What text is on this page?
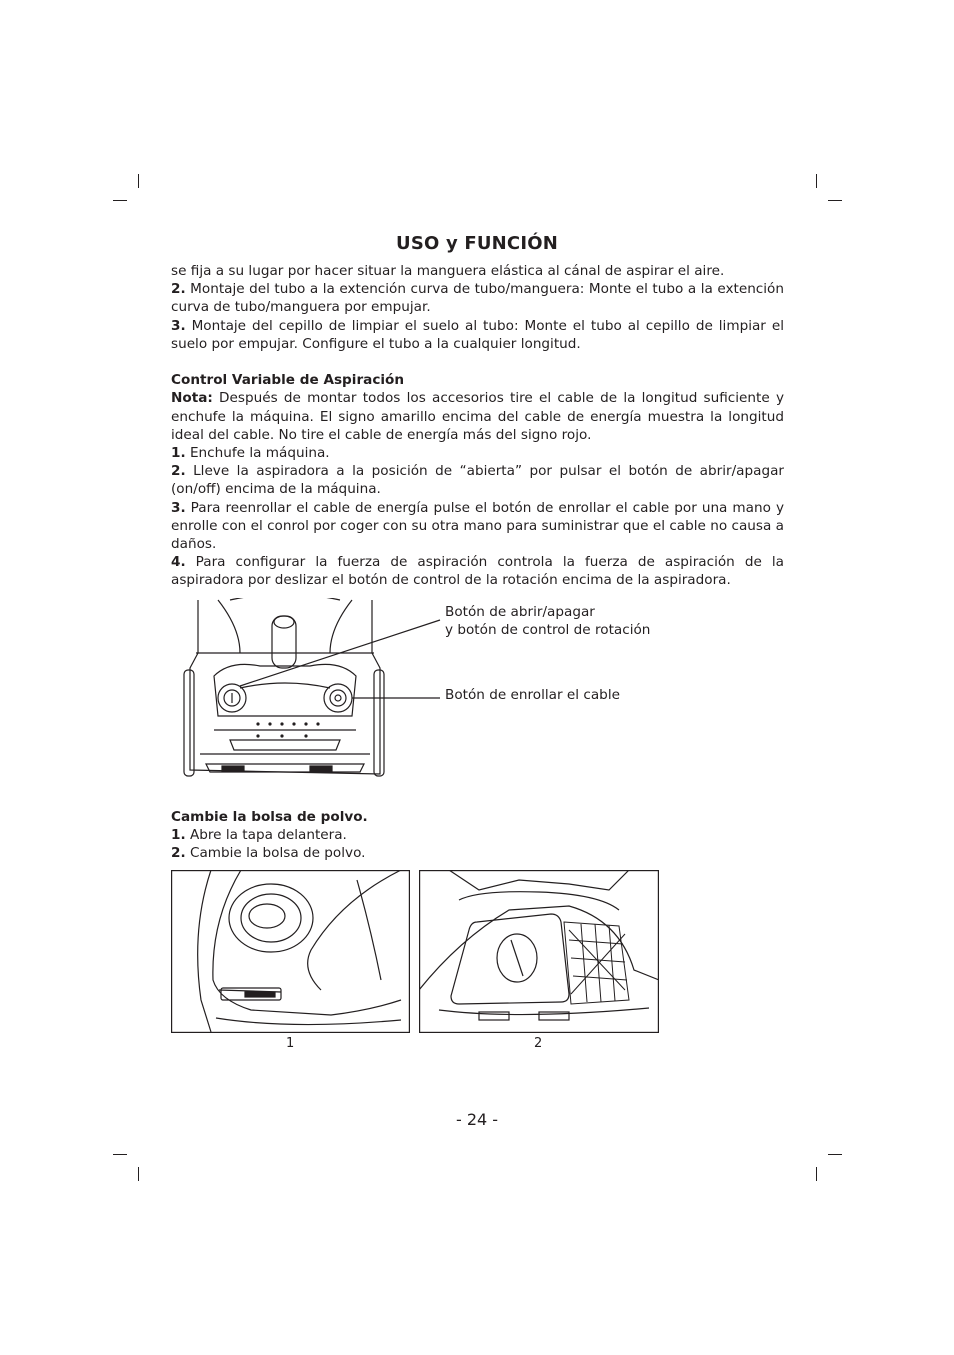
USO y FUNCIÓN

se fija a su lugar por hacer situar la manguera elástica al cánal de aspirar el aire.

2. Montaje del tubo a la extención curva de tubo/manguera: Monte el tubo a la extención curva de tubo/manguera por empujar.

3. Montaje del cepillo de limpiar el suelo al tubo: Monte el tubo al cepillo de limpiar el suelo por empujar. Configure el tubo a la cualquier longitud.

Control Variable de Aspiración

Nota: Después de montar todos los accesorios tire el cable de la longitud suficiente y enchufe la máquina. El signo amarillo encima del cable de energía muestra la longitud ideal del cable. No tire el cable de energía más del signo rojo.

1. Enchufe la máquina.

2. Lleve la aspiradora a la posición de “abierta” por pulsar el botón de abrir/apagar (on/off) encima de la máquina.

3. Para reenrollar el cable de energía pulse el botón de enrollar el cable por una mano y enrolle con el conrol por coger con su otra mano para suministrar que el cable no causa a daños.

4. Para configurar la fuerza de aspiración controla la fuerza de aspiración de la aspiradora por deslizar el botón de control de la rotación encima de la aspiradora.

Botón de abrir/apagar
y botón de control de rotación
Botón de enrollar el cable

Cambie la bolsa de polvo.

1. Abre la tapa delantera.

2. Cambie la bolsa de polvo.

1	2
- 24 -
